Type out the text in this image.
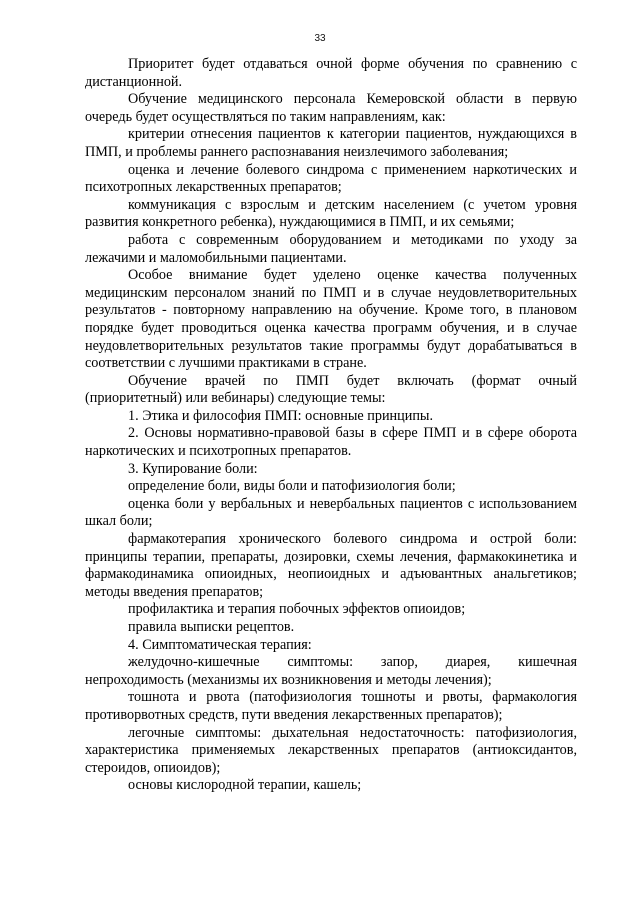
33

Приоритет будет отдаваться очной форме обучения по сравнению с дистанционной.

Обучение медицинского персонала Кемеровской области в первую очередь будет осуществляться по таким направлениям, как:

критерии отнесения пациентов к категории пациентов, нуждающихся в ПМП, и проблемы раннего распознавания неизлечимого заболевания;

оценка и лечение болевого синдрома с применением наркотических и психотропных лекарственных препаратов;

коммуникация с взрослым и детским населением (с учетом уровня развития конкретного ребенка), нуждающимися в ПМП, и их семьями;

работа с современным оборудованием и методиками по уходу за лежачими и маломобильными пациентами.

Особое внимание будет уделено оценке качества полученных медицинским персоналом знаний по ПМП и в случае неудовлетворительных результатов - повторному направлению на обучение. Кроме того, в плановом порядке будет проводиться оценка качества программ обучения, и в случае неудовлетворительных результатов такие программы будут дорабатываться в соответствии с лучшими практиками в стране.

Обучение врачей по ПМП будет включать (формат очный (приоритетный) или вебинары) следующие темы:

1. Этика и философия ПМП: основные принципы.

2. Основы нормативно-правовой базы в сфере ПМП и в сфере оборота наркотических и психотропных препаратов.

3. Купирование боли:

определение боли, виды боли и патофизиология боли;

оценка боли у вербальных и невербальных пациентов с использованием шкал боли;

фармакотерапия хронического болевого синдрома и острой боли: принципы терапии, препараты, дозировки, схемы лечения, фармакокинетика и фармакодинамика опиоидных, неопиоидных и адъювантных анальгетиков; методы введения препаратов;

профилактика и терапия побочных эффектов опиоидов;

правила выписки рецептов.

4. Симптоматическая терапия:

желудочно-кишечные симптомы: запор, диарея, кишечная непроходимость (механизмы их возникновения и методы лечения);

тошнота и рвота (патофизиология тошноты и рвоты, фармакология противорвотных средств, пути введения лекарственных препаратов);

легочные симптомы: дыхательная недостаточность: патофизиология, характеристика применяемых лекарственных препаратов (антиоксидантов, стероидов, опиоидов);

основы кислородной терапии, кашель;
